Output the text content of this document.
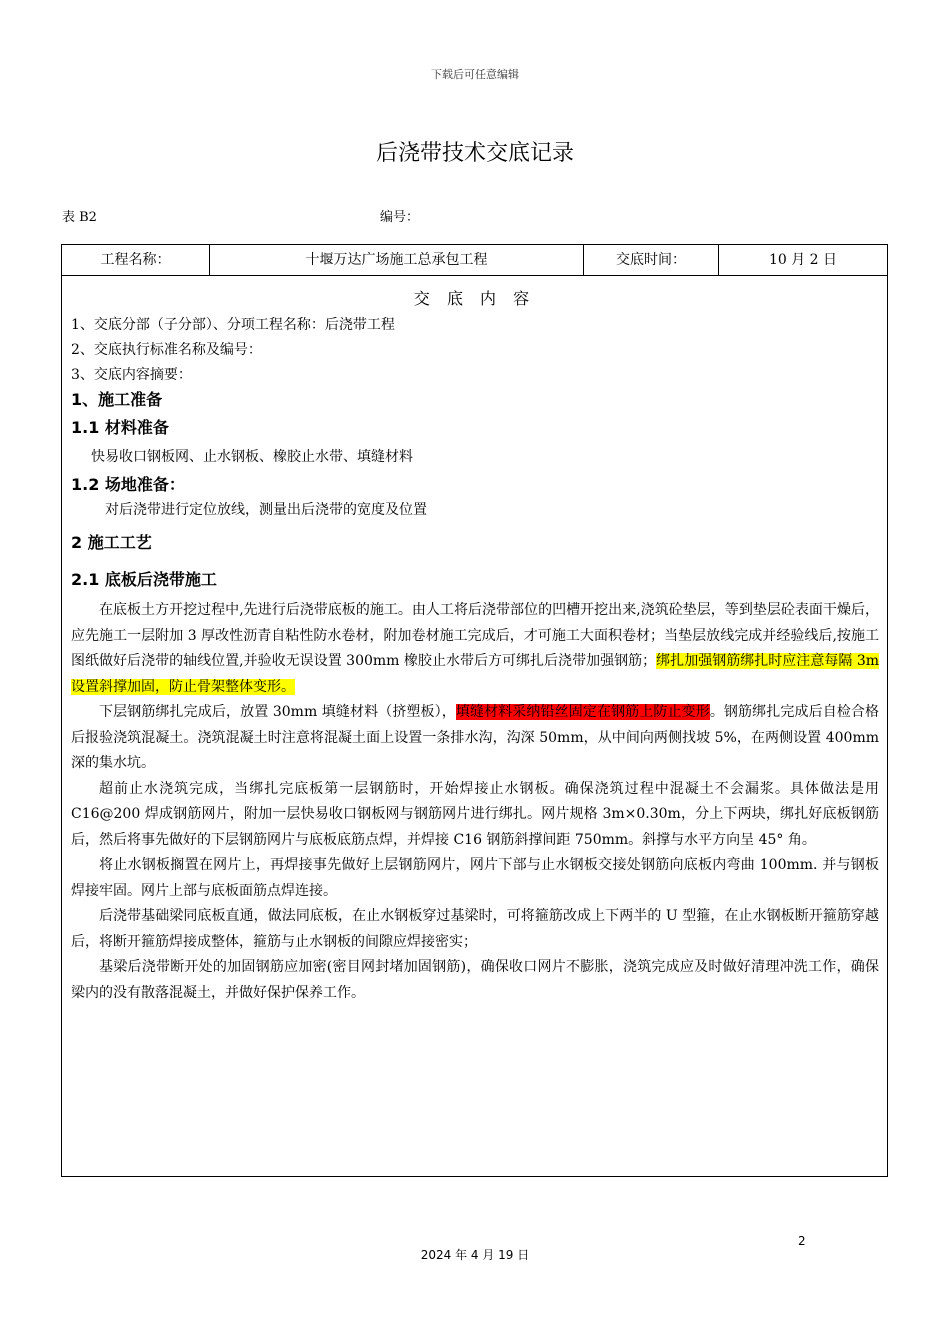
下载后可任意编辑
后浇带技术交底记录
表 B2	编号：
工程名称：	十堰万达广场施工总承包工程	交底时间：	10 月 2 日
交 底 内 容
1、交底分部（子分部）、分项工程名称：后浇带工程
2、交底执行标准名称及编号：
3、交底内容摘要：
1、施工准备
1.1 材料准备
快易收口钢板网、止水钢板、橡胶止水带、填缝材料
1.2 场地准备：
对后浇带进行定位放线，测量出后浇带的宽度及位置
2 施工工艺
2.1 底板后浇带施工

在底板土方开挖过程中,先进行后浇带底板的施工。由人工将后浇带部位的凹槽开挖出来,浇筑砼垫层，等到垫层砼表面干燥后，应先施工一层附加 3 厚改性沥青自粘性防水卷材，附加卷材施工完成后，才可施工大面积卷材；当垫层放线完成并经验线后,按施工图纸做好后浇带的轴线位置,并验收无误设置 300mm 橡胶止水带后方可绑扎后浇带加强钢筋；绑扎加强钢筋绑扎时应注意每隔 3m 设置斜撑加固，防止骨架整体变形。

下层钢筋绑扎完成后，放置 30mm 填缝材料（挤塑板），填缝材料采纳铅丝固定在钢筋上防止变形。钢筋绑扎完成后自检合格后报验浇筑混凝土。浇筑混凝土时注意将混凝土面上设置一条排水沟，沟深 50mm，从中间向两侧找坡 5%，在两侧设置 400mm 深的集水坑。

超前止水浇筑完成，当绑扎完底板第一层钢筋时，开始焊接止水钢板。确保浇筑过程中混凝土不会漏浆。具体做法是用 C16@200 焊成钢筋网片，附加一层快易收口钢板网与钢筋网片进行绑扎。网片规格 3m×0.30m，分上下两块，绑扎好底板钢筋后，然后将事先做好的下层钢筋网片与底板底筋点焊，并焊接 C16 钢筋斜撑间距 750mm。斜撑与水平方向呈 45° 角。

将止水钢板搁置在网片上，再焊接事先做好上层钢筋网片，网片下部与止水钢板交接处钢筋向底板内弯曲 100mm. 并与钢板焊接牢固。网片上部与底板面筋点焊连接。

后浇带基础梁同底板直通，做法同底板，在止水钢板穿过基梁时，可将箍筋改成上下两半的 U 型箍，在止水钢板断开箍筋穿越后，将断开箍筋焊接成整体，箍筋与止水钢板的间隙应焊接密实；

基梁后浇带断开处的加固钢筋应加密(密目网封堵加固钢筋)，确保收口网片不膨胀，浇筑完成应及时做好清理冲洗工作，确保梁内的没有散落混凝土，并做好保护保养工作。

2
2024 年 4 月 19 日
